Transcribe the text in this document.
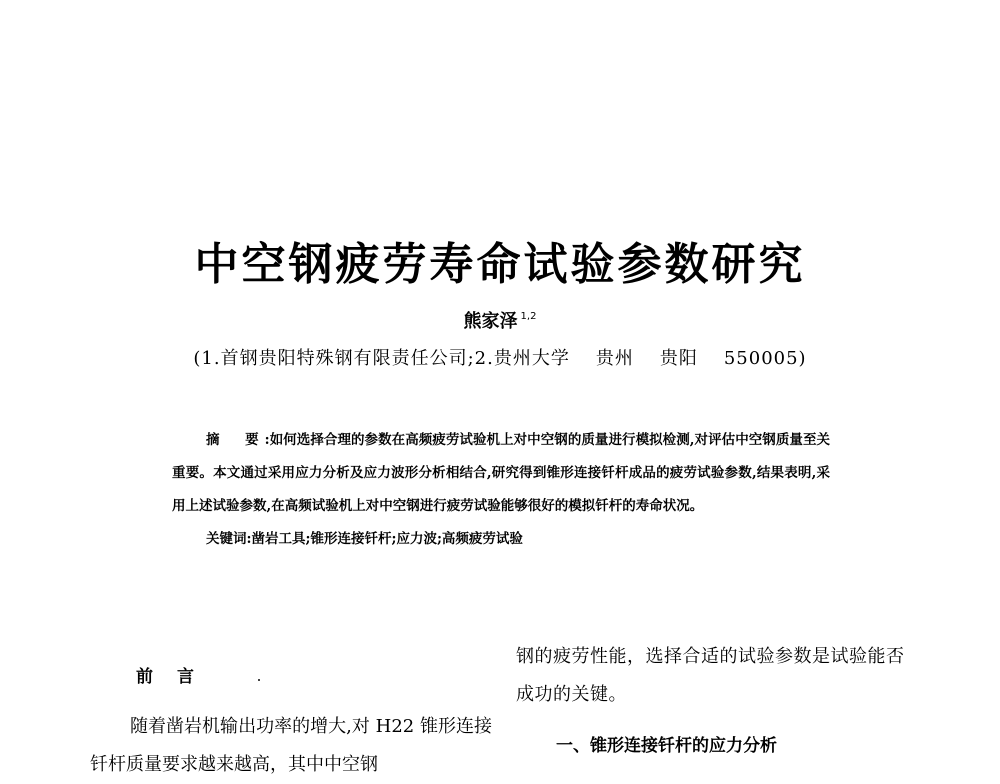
中空钢疲劳寿命试验参数研究
熊家泽 $^{1,2}$
(1.首钢贵阳特殊钢有限责任公司;2.贵州大学 贵州 贵阳 550005)

摘　要:如何选择合理的参数在高频疲劳试验机上对中空钢的质量进行模拟检测,对评估中空钢质量至关重要。本文通过采用应力分析及应力波形分析相结合,研究得到锥形连接钎杆成品的疲劳试验参数,结果表明,采用上述试验参数,在高频试验机上对中空钢进行疲劳试验能够很好的模拟钎杆的寿命状况。

关键词:凿岩工具;锥形连接钎杆;应力波;高频疲劳试验

前言

随着凿岩机输出功率的增大,对 H22 锥形连接钎杆质量要求越来越高，其中中空钢

钢的疲劳性能，选择合适的试验参数是试验能否成功的关键。

一、锥形连接钎杆的应力分析
